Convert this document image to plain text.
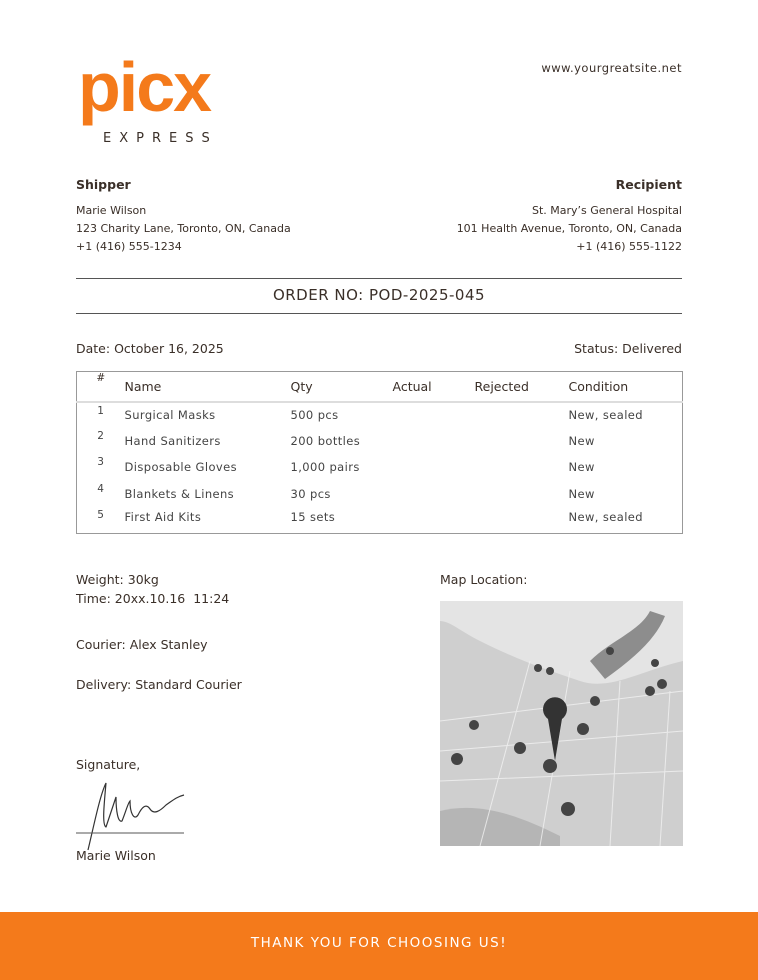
picx
EXPRESS
www.yourgreatsite.net
Shipper
Marie Wilson
123 Charity Lane, Toronto, ON, Canada
+1 (416) 555-1234
Recipient
St. Mary’s General Hospital
101 Health Avenue, Toronto, ON, Canada
+1 (416) 555-1122
ORDER NO: POD-2025-045
Date: October 16, 2025	Status: Delivered
#	Name	Qty	Actual	Rejected	Condition
1	Surgical Masks	500 pcs			New, sealed
2	Hand Sanitizers	200 bottles			New
3	Disposable Gloves	1,000 pairs			New
4	Blankets & Linens	30 pcs			New
5	First Aid Kits	15 sets			New, sealed
Weight: 30kg
Time: 20xx.10.16  11:24
Courier: Alex Stanley
Delivery: Standard Courier
Signature,
Marie Wilson
Map Location:
THANK YOU FOR CHOOSING US!
